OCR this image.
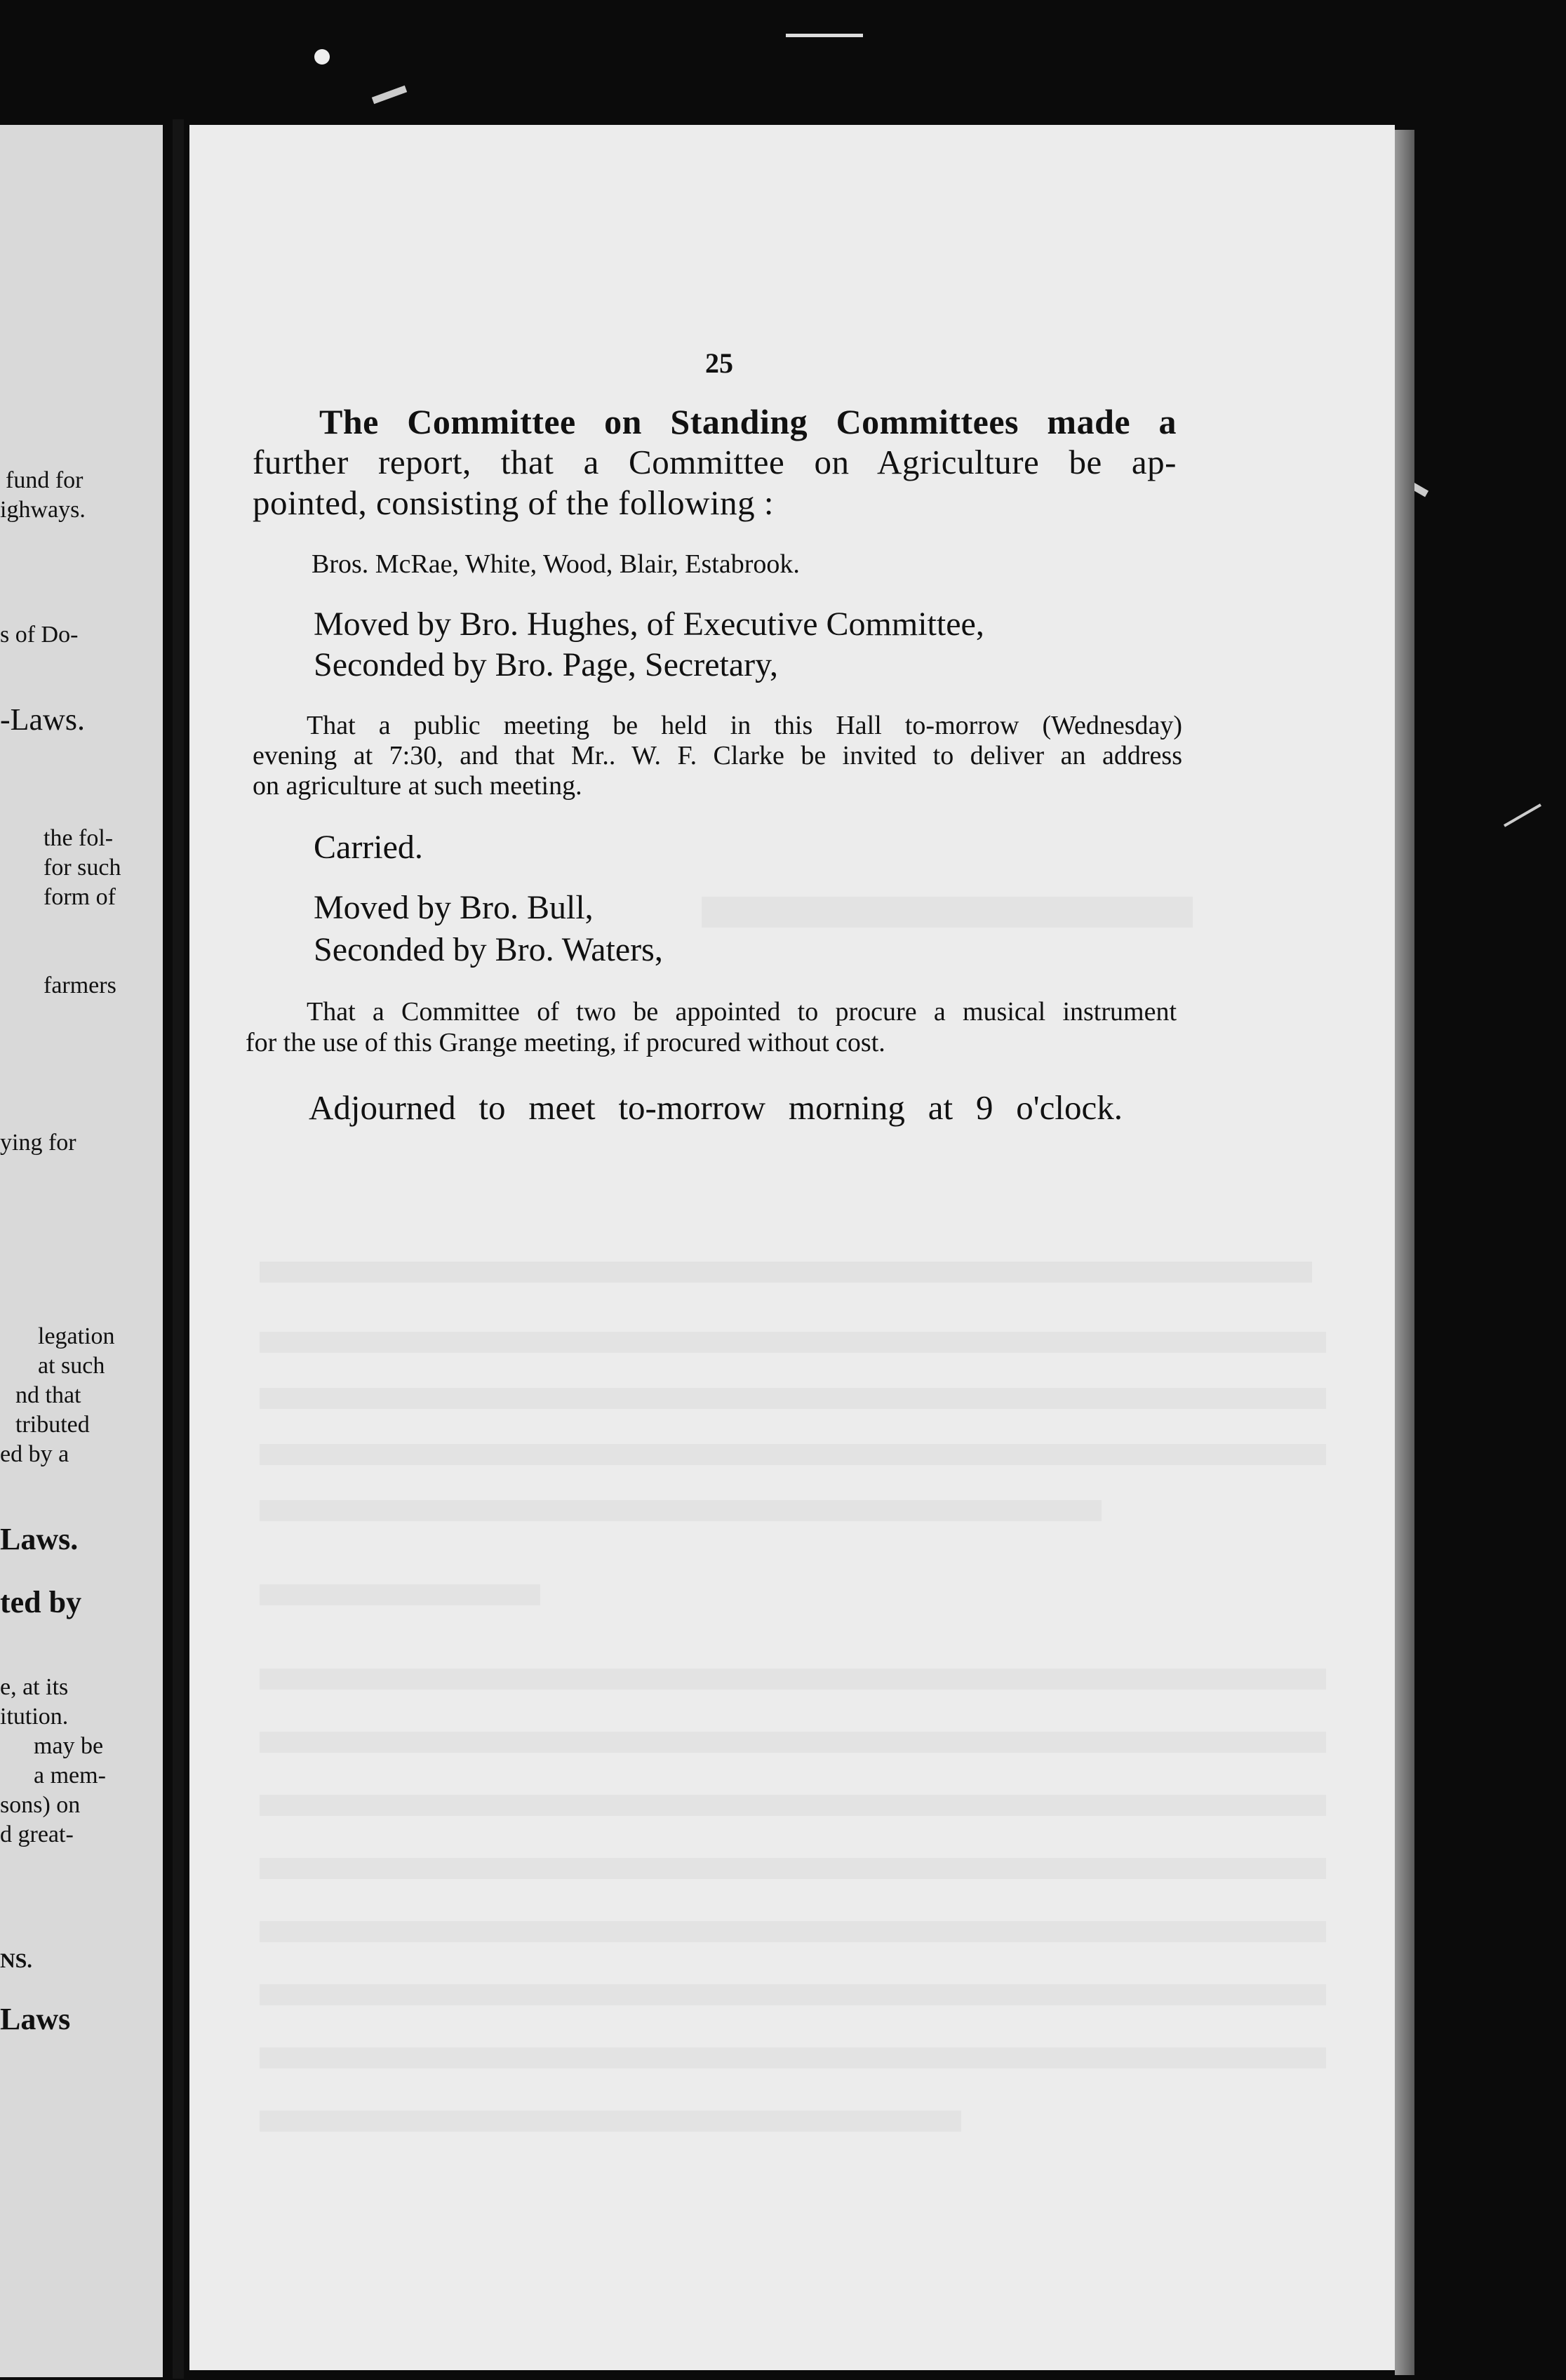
fund for
ighways.
s of Do-
-Laws.
the fol-
for such
form of
farmers
ying for
legation
at such
nd that
tributed
ed by a
Laws.
ted by
e, at its
itution.
may be
a mem-
sons) on
d great-
NS.
Laws
25
The Committee on Standing Committees made a
further report, that a Committee on Agriculture be ap-
pointed, consisting of the following :
Bros. McRae, White, Wood, Blair, Estabrook.
Moved by Bro. Hughes, of Executive Committee,
Seconded by Bro. Page, Secretary,
That a public meeting be held in this Hall to-morrow (Wednesday)
evening at 7:30, and that Mr.. W. F. Clarke be invited to deliver an address
on agriculture at such meeting.
Carried.
Moved by Bro. Bull,
Seconded by Bro. Waters,
That a Committee of two be appointed to procure a musical instrument
for the use of this Grange meeting, if procured without cost.
Adjourned to meet to-morrow morning at 9 o'clock.
